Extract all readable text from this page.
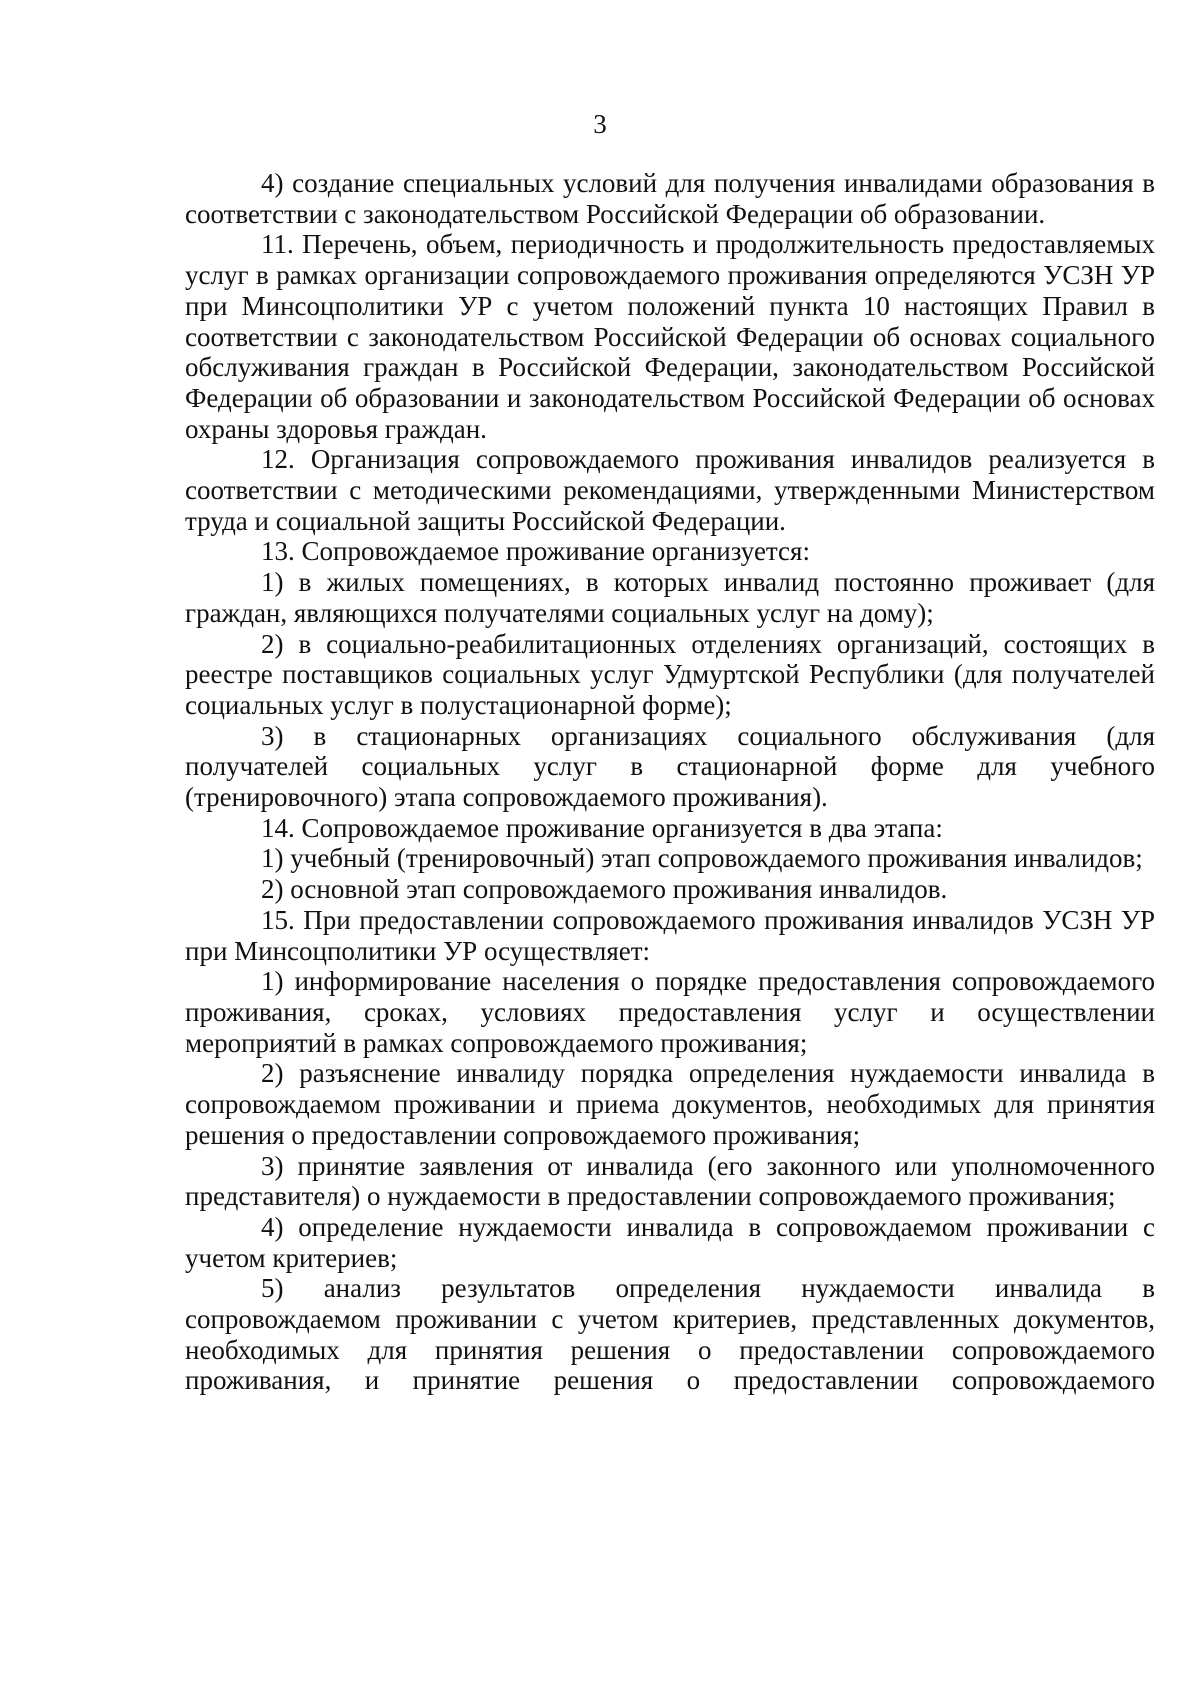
3

4) создание специальных условий для получения инвалидами образования в соответствии с законодательством Российской Федерации об образовании.

11. Перечень, объем, периодичность и продолжительность предоставляемых услуг в рамках организации сопровождаемого проживания определяются УСЗН УР при Минсоцполитики УР с учетом положений пункта 10 настоящих Правил в соответствии с законодательством Российской Федерации об основах социального обслуживания граждан в Российской Федерации, законодательством Российской Федерации об образовании и законодательством Российской Федерации об основах охраны здоровья граждан.

12. Организация сопровождаемого проживания инвалидов реализуется в соответствии с методическими рекомендациями, утвержденными Министерством труда и социальной защиты Российской Федерации.

13. Сопровождаемое проживание организуется:

1) в жилых помещениях, в которых инвалид постоянно проживает (для граждан, являющихся получателями социальных услуг на дому);

2) в социально-реабилитационных отделениях организаций, состоящих в реестре поставщиков социальных услуг Удмуртской Республики (для получателей социальных услуг в полустационарной форме);

3) в стационарных организациях социального обслуживания (для получателей социальных услуг в стационарной форме для учебного (тренировочного) этапа сопровождаемого проживания).

14. Сопровождаемое проживание организуется в два этапа:

1) учебный (тренировочный) этап сопровождаемого проживания инвалидов;

2) основной этап сопровождаемого проживания инвалидов.

15. При предоставлении сопровождаемого проживания инвалидов УСЗН УР при Минсоцполитики УР осуществляет:

1) информирование населения о порядке предоставления сопровождаемого проживания, сроках, условиях предоставления услуг и осуществлении мероприятий в рамках сопровождаемого проживания;

2) разъяснение инвалиду порядка определения нуждаемости инвалида в сопровождаемом проживании и приема документов, необходимых для принятия решения о предоставлении сопровождаемого проживания;

3) принятие заявления от инвалида (его законного или уполномоченного представителя) о нуждаемости в предоставлении сопровождаемого проживания;

4) определение нуждаемости инвалида в сопровождаемом проживании с учетом критериев;

5) анализ результатов определения нуждаемости инвалида в сопровождаемом проживании с учетом критериев, представленных документов, необходимых для принятия решения о предоставлении сопровождаемого проживания, и принятие решения о предоставлении сопровождаемого
